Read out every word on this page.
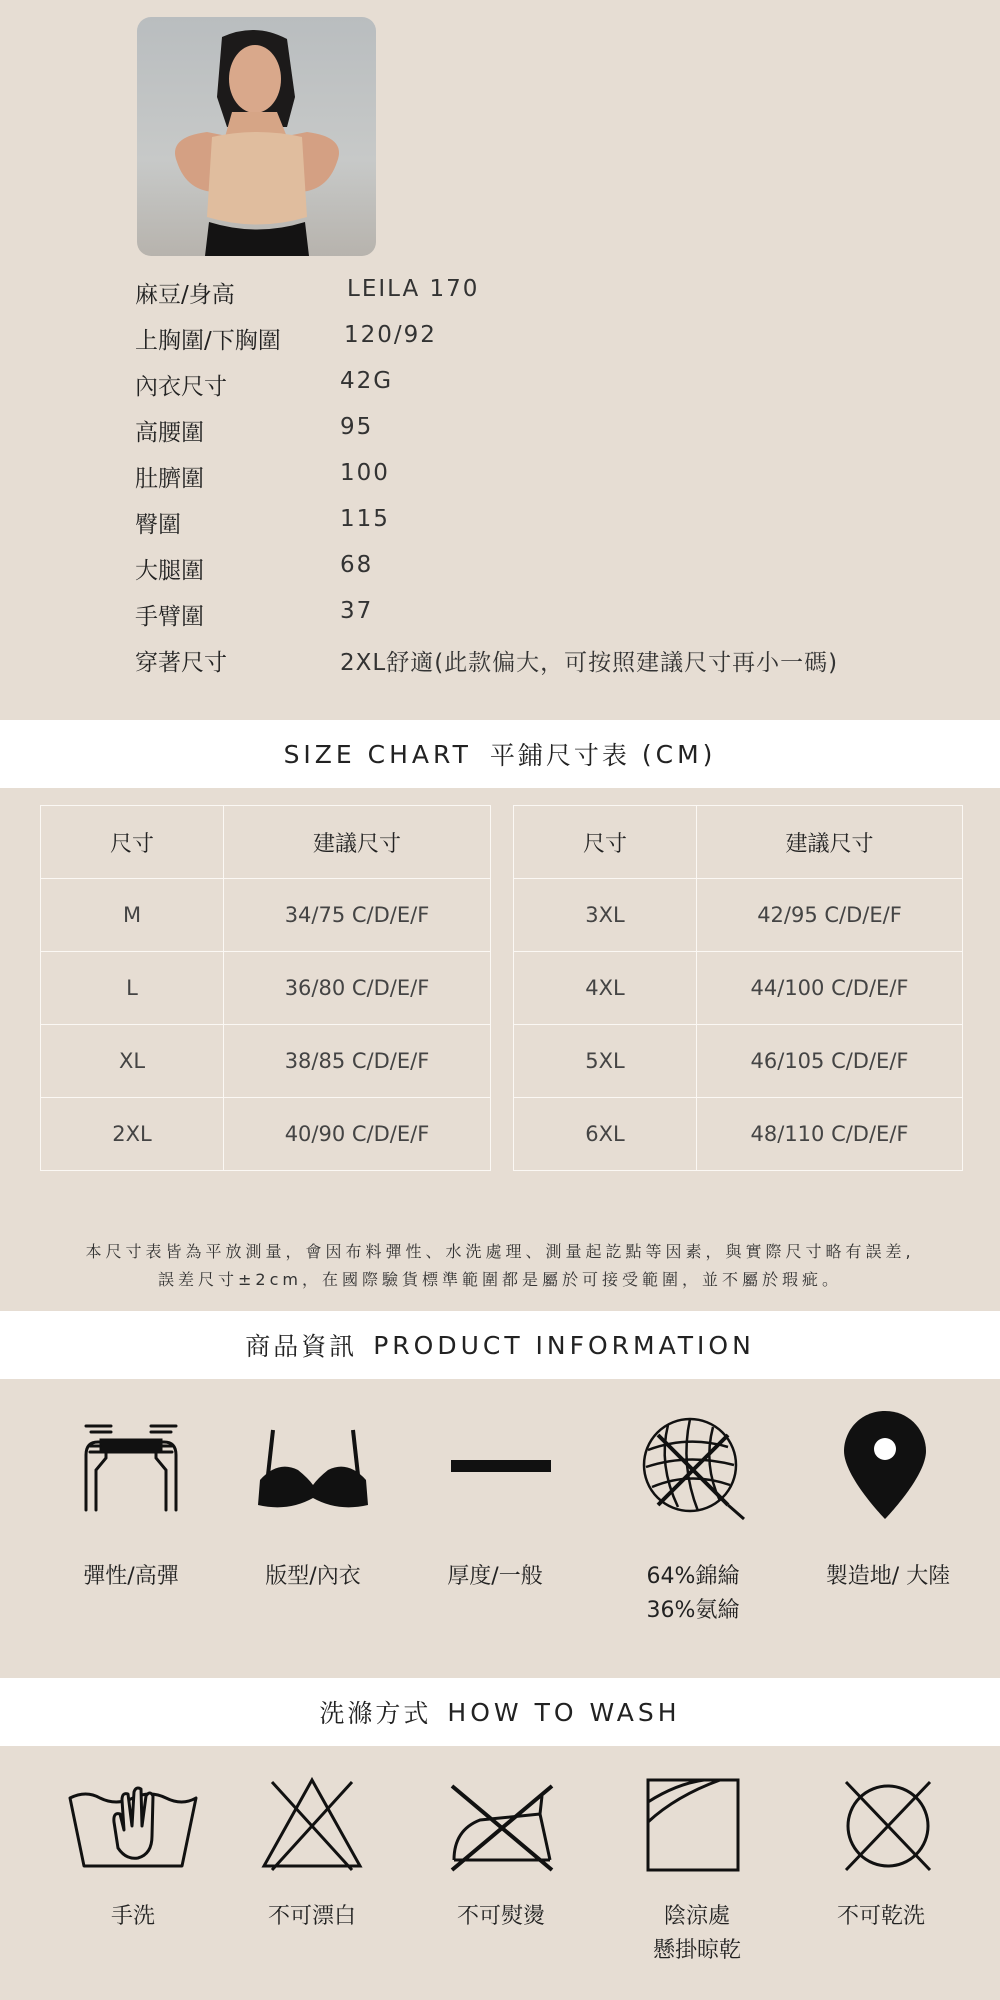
麻豆/身高	LEILA 170
上胸圍/下胸圍	120/92
內衣尺寸	42G
高腰圍	95
肚臍圍	100
臀圍	115
大腿圍	68
手臂圍	37
穿著尺寸	2XL舒適(此款偏大，可按照建議尺寸再小一碼)
SIZE CHART 平鋪尺寸表 (CM)
尺寸	建議尺寸
M	34/75 C/D/E/F
L	36/80 C/D/E/F
XL	38/85 C/D/E/F
2XL	40/90 C/D/E/F
尺寸	建議尺寸
3XL	42/95 C/D/E/F
4XL	44/100 C/D/E/F
5XL	46/105 C/D/E/F
6XL	48/110 C/D/E/F
本尺寸表皆為平放測量，會因布料彈性、水洗處理、測量起訖點等因素，與實際尺寸略有誤差,
誤差尺寸±2cm，在國際驗貨標準範圍都是屬於可接受範圍，並不屬於瑕疵。
商品資訊 PRODUCT INFORMATION
彈性/高彈	版型/內衣	厚度/一般	64%錦綸
36%氨綸
製造地/ 大陸
洗滌方式 HOW TO WASH
手洗	不可漂白	不可熨燙	陰涼處
懸掛晾乾
不可乾洗
